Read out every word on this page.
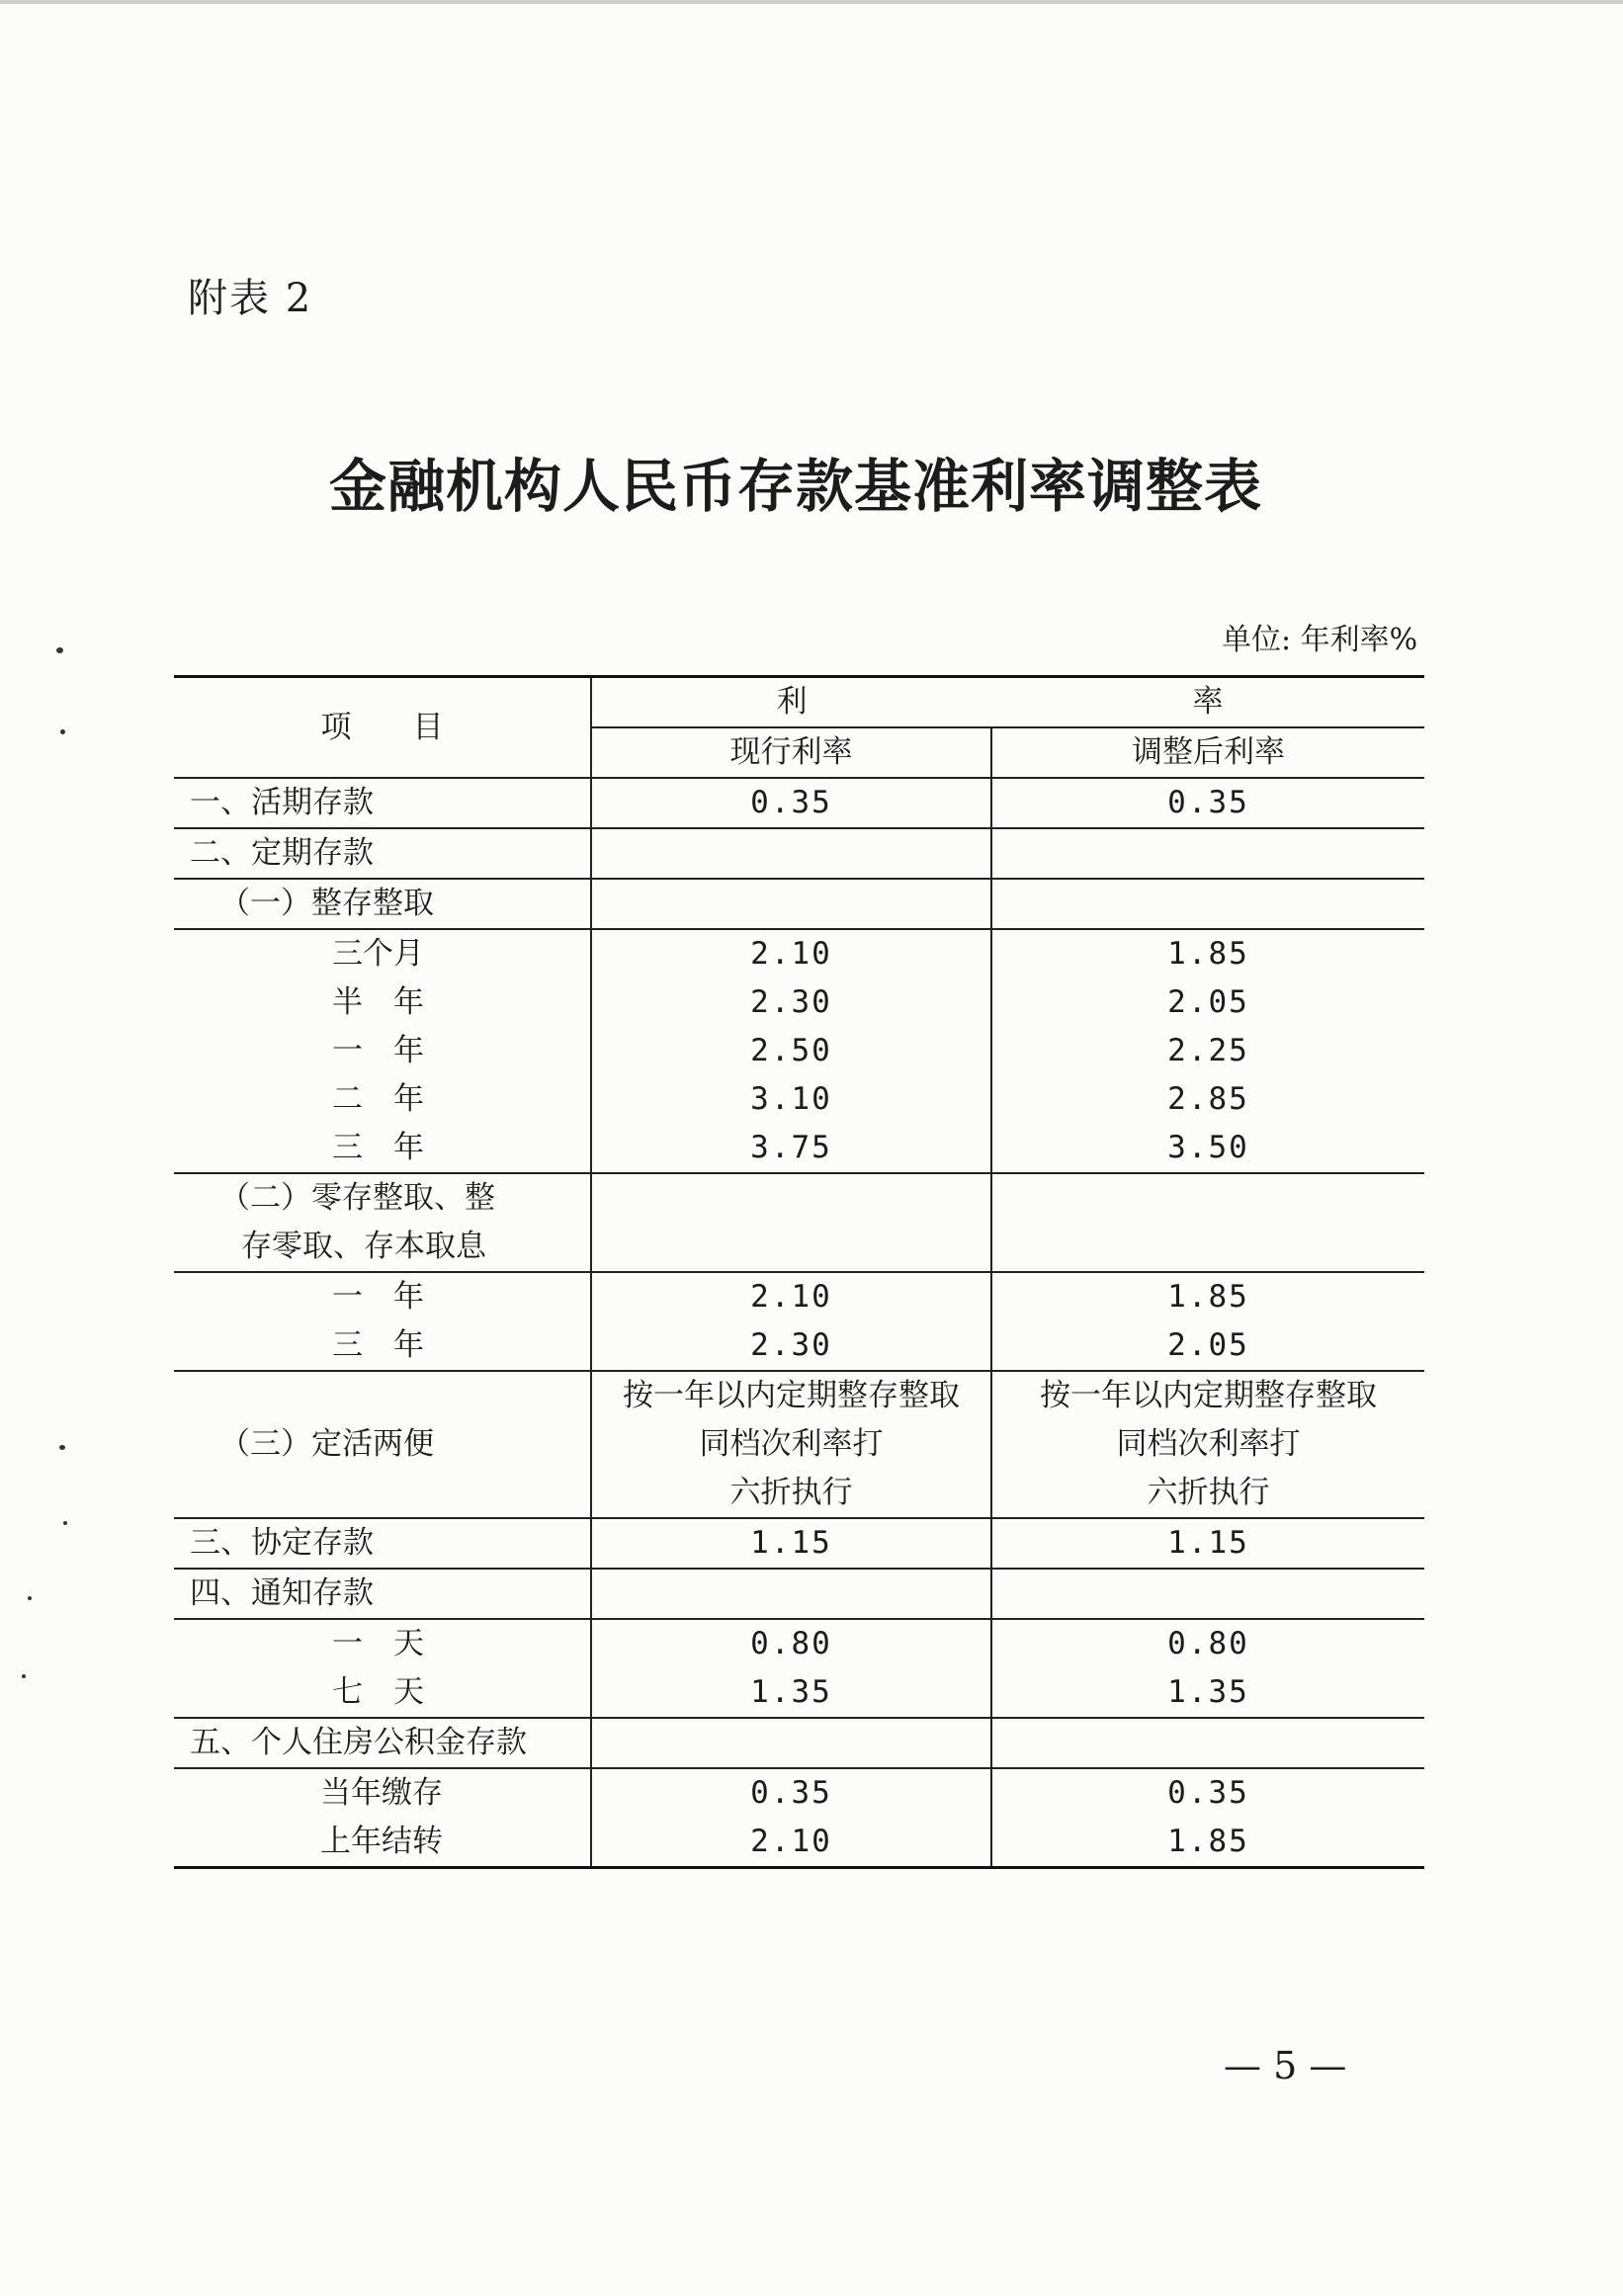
附表 2
金融机构人民币存款基准利率调整表
单位: 年利率%
项　　目	利	率
	现行利率	调整后利率
一、活期存款	0.35	0.35
二、定期存款		
（一）整存整取		
三个月	2.10	1.85
半　年	2.30	2.05
一　年	2.50	2.25
二　年	3.10	2.85
三　年	3.75	3.50
（二）零存整取、整		
存零取、存本取息		
一　年	2.10	1.85
三　年	2.30	2.05
（三）定活两便	按一年以内定期整存整取	按一年以内定期整存整取
	同档次利率打	同档次利率打
	六折执行	六折执行
三、协定存款	1.15	1.15
四、通知存款		
一　天	0.80	0.80
七　天	1.35	1.35
五、个人住房公积金存款		
当年缴存	0.35	0.35
上年结转	2.10	1.85
— 5 —
